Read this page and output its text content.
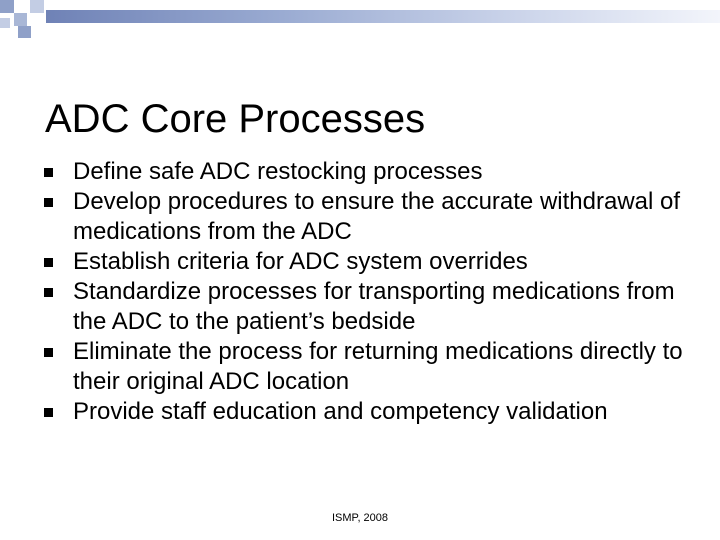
ADC Core Processes
Define safe ADC restocking processes
Develop procedures to ensure the accurate withdrawal of medications from the ADC
Establish criteria for ADC system overrides
Standardize processes for transporting medications from the ADC to the patient’s bedside
Eliminate the process for returning medications directly to their original ADC location
Provide staff education and competency validation
ISMP, 2008
